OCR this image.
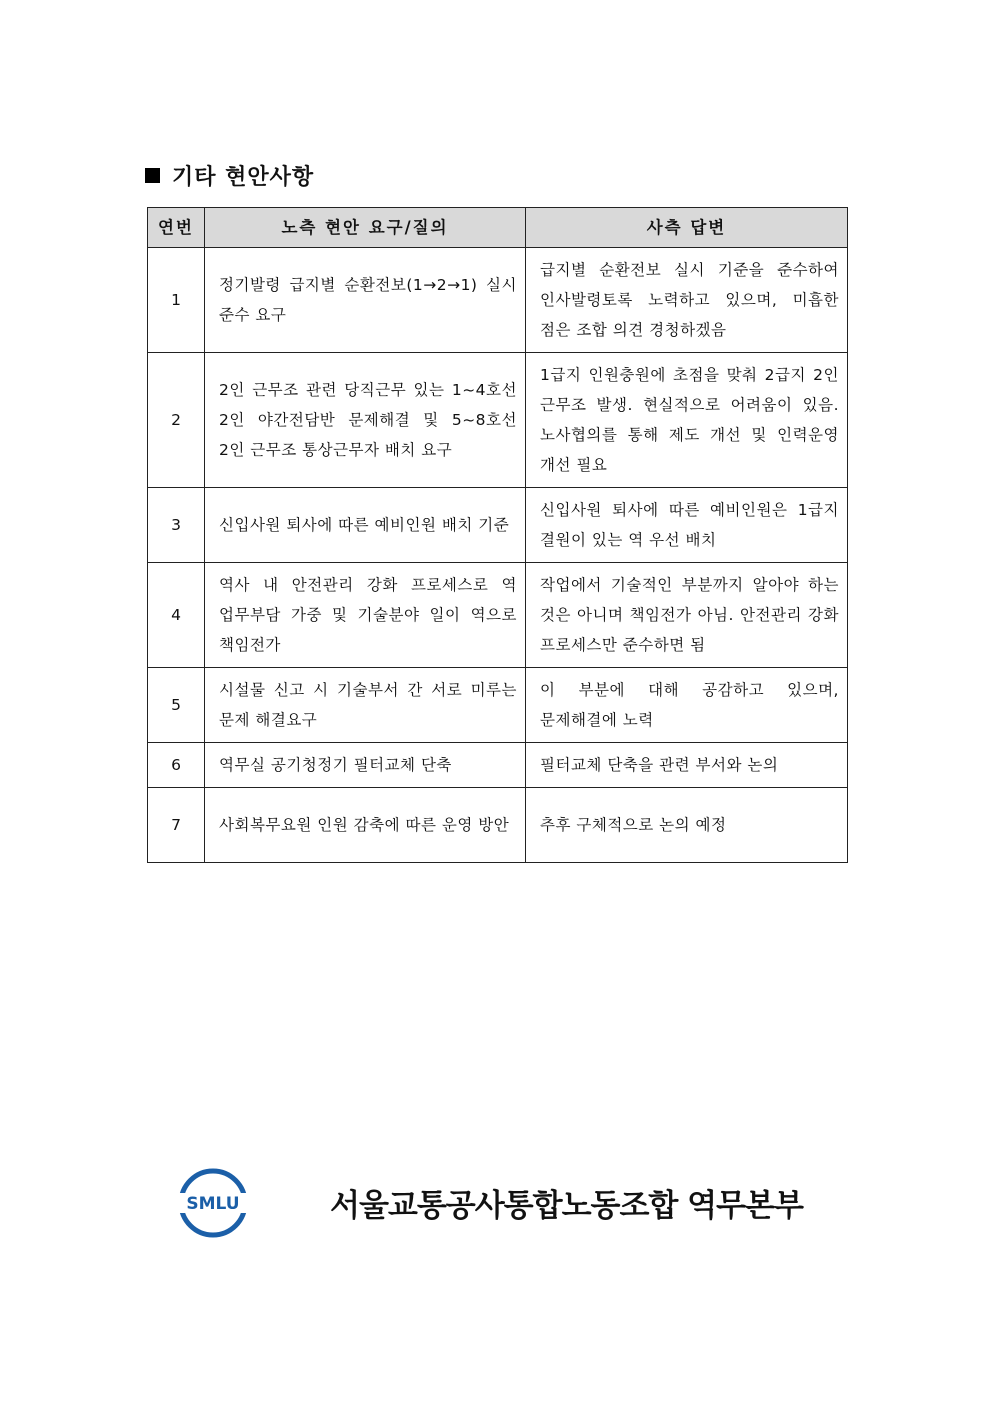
기타 현안사항
연번	노측 현안 요구/질의	사측 답변
1	정기발령 급지별 순환전보(1→2→1) 실시 준수 요구	급지별 순환전보 실시 기준을 준수하여 인사발령토록 노력하고 있으며, 미흡한 점은 조합 의견 경청하겠음
2	2인 근무조 관련 당직근무 있는 1~4호선 2인 야간전담반 문제해결 및 5~8호선 2인 근무조 통상근무자 배치 요구	1급지 인원충원에 초점을 맞춰 2급지 2인 근무조 발생. 현실적으로 어려움이 있음. 노사협의를 통해 제도 개선 및 인력운영 개선 필요
3	신입사원 퇴사에 따른 예비인원 배치 기준	신입사원 퇴사에 따른 예비인원은 1급지 결원이 있는 역 우선 배치
4	역사 내 안전관리 강화 프로세스로 역 업무부담 가중 및 기술분야 일이 역으로 책임전가	작업에서 기술적인 부분까지 알아야 하는 것은 아니며 책임전가 아님. 안전관리 강화 프로세스만 준수하면 됨
5	시설물 신고 시 기술부서 간 서로 미루는 문제 해결요구	이 부분에 대해 공감하고 있으며, 문제해결에 노력
6	역무실 공기청정기 필터교체 단축	필터교체 단축을 관련 부서와 논의
7	사회복무요원 인원 감축에 따른 운영 방안	추후 구체적으로 논의 예정
SMLU	서울교통공사통합노동조합 역무본부
